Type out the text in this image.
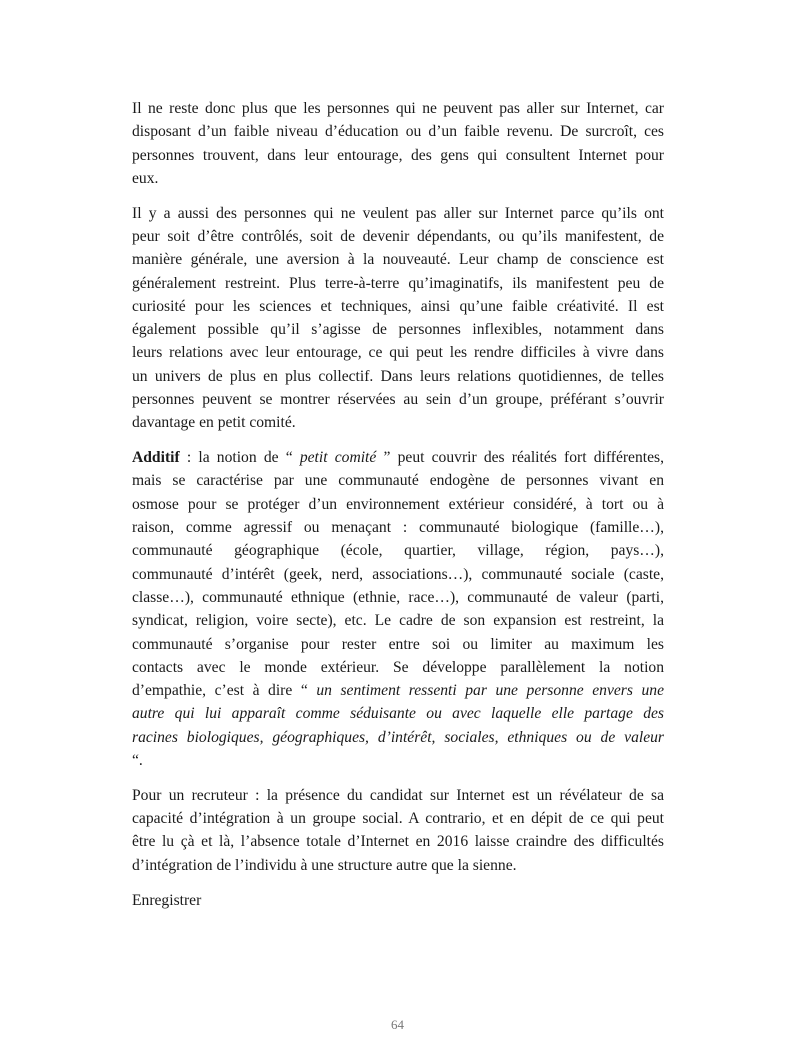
Il ne reste donc plus que les personnes qui ne peuvent pas aller sur Internet, car
disposant d’un faible niveau d’éducation ou d’un faible revenu. De surcroît, ces
personnes trouvent, dans leur entourage, des gens qui consultent Internet pour
eux.
Il y a aussi des personnes qui ne veulent pas aller sur Internet parce qu’ils ont
peur soit d’être contrôlés, soit de devenir dépendants, ou qu’ils manifestent, de
manière générale, une aversion à la nouveauté. Leur champ de conscience est
généralement restreint. Plus terre-à-terre qu’imaginatifs, ils manifestent peu de
curiosité pour les sciences et techniques, ainsi qu’une faible créativité. Il est
également possible qu’il s’agisse de personnes inflexibles, notamment dans
leurs relations avec leur entourage, ce qui peut les rendre difficiles à vivre dans
un univers de plus en plus collectif. Dans leurs relations quotidiennes, de telles
personnes peuvent se montrer réservées au sein d’un groupe, préférant s’ouvrir
davantage en petit comité.
Additif : la notion de “ petit comité ” peut couvrir des réalités fort différentes,
mais se caractérise par une communauté endogène de personnes vivant en
osmose pour se protéger d’un environnement extérieur considéré, à tort ou à
raison, comme agressif ou menaçant : communauté biologique (famille…),
communauté géographique (école, quartier, village, région, pays…),
communauté d’intérêt (geek, nerd, associations…), communauté sociale (caste,
classe…), communauté ethnique (ethnie, race…), communauté de valeur (parti,
syndicat, religion, voire secte), etc. Le cadre de son expansion est restreint, la
communauté s’organise pour rester entre soi ou limiter au maximum les
contacts avec le monde extérieur. Se développe parallèlement la notion
d’empathie, c’est à dire “ un sentiment ressenti par une personne envers une
autre qui lui apparaît comme séduisante ou avec laquelle elle partage des
racines biologiques, géographiques, d’intérêt, sociales, ethniques ou de valeur
“.
Pour un recruteur : la présence du candidat sur Internet est un révélateur de sa
capacité d’intégration à un groupe social. A contrario, et en dépit de ce qui peut
être lu çà et là, l’absence totale d’Internet en 2016 laisse craindre des difficultés
d’intégration de l’individu à une structure autre que la sienne.
Enregistrer
64
